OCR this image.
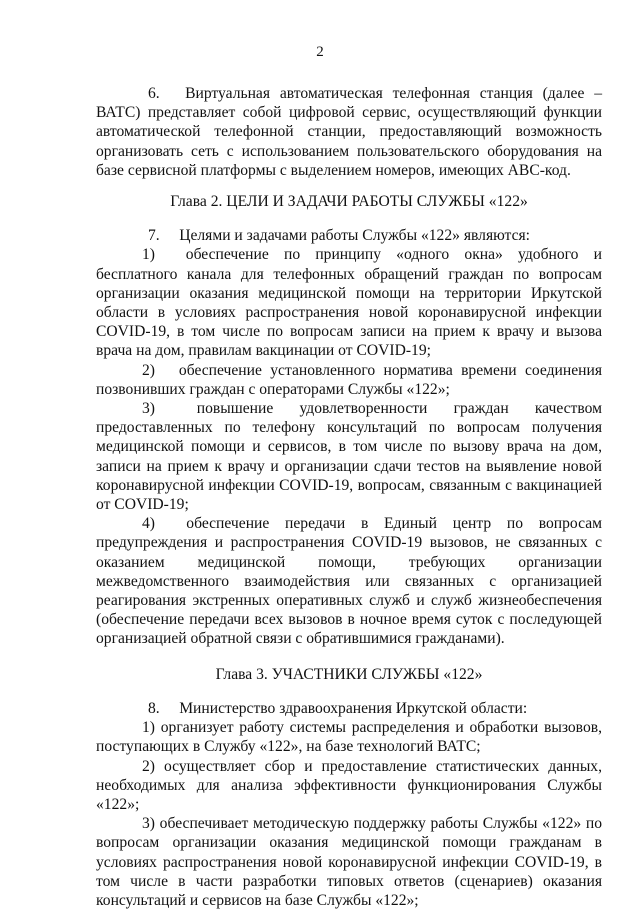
2

6.  Виртуальная автоматическая телефонная станция (далее – ВАТС) представляет собой цифровой сервис, осуществляющий функции автоматической телефонной станции, предоставляющий возможность организовать сеть с использованием пользовательского оборудования на базе сервисной платформы с выделением номеров, имеющих ABC-код.

Глава 2. ЦЕЛИ И ЗАДАЧИ РАБОТЫ СЛУЖБЫ «122»

7.  Целями и задачами работы Службы «122» являются:

1)  обеспечение по принципу «одного окна» удобного и бесплатного канала для телефонных обращений граждан по вопросам организации оказания медицинской помощи на территории Иркутской области в условиях распространения новой коронавирусной инфекции COVID-19, в том числе по вопросам записи на прием к врачу и вызова врача на дом, правилам вакцинации от COVID-19;

2)  обеспечение установленного норматива времени соединения позвонивших граждан с операторами Службы «122»;

3)  повышение удовлетворенности граждан качеством предоставленных по телефону консультаций по вопросам получения медицинской помощи и сервисов, в том числе по вызову врача на дом, записи на прием к врачу и организации сдачи тестов на выявление новой коронавирусной инфекции COVID-19, вопросам, связанным с вакцинацией от COVID-19;

4)  обеспечение передачи в Единый центр по вопросам предупреждения и распространения COVID-19 вызовов, не связанных с оказанием медицинской помощи, требующих организации межведомственного взаимодействия или связанных с организацией реагирования экстренных оперативных служб и служб жизнеобеспечения (обеспечение передачи всех вызовов в ночное время суток с последующей организацией обратной связи с обратившимися гражданами).

Глава 3. УЧАСТНИКИ СЛУЖБЫ «122»

8.  Министерство здравоохранения Иркутской области:

1) организует работу системы распределения и обработки вызовов, поступающих в Службу «122», на базе технологий ВАТС;

2) осуществляет сбор и предоставление статистических данных, необходимых для анализа эффективности функционирования Службы «122»;

3) обеспечивает методическую поддержку работы Службы «122» по вопросам организации оказания медицинской помощи гражданам в условиях распространения новой коронавирусной инфекции COVID-19, в том числе в части разработки типовых ответов (сценариев) оказания консультаций и сервисов на базе Службы «122»;
